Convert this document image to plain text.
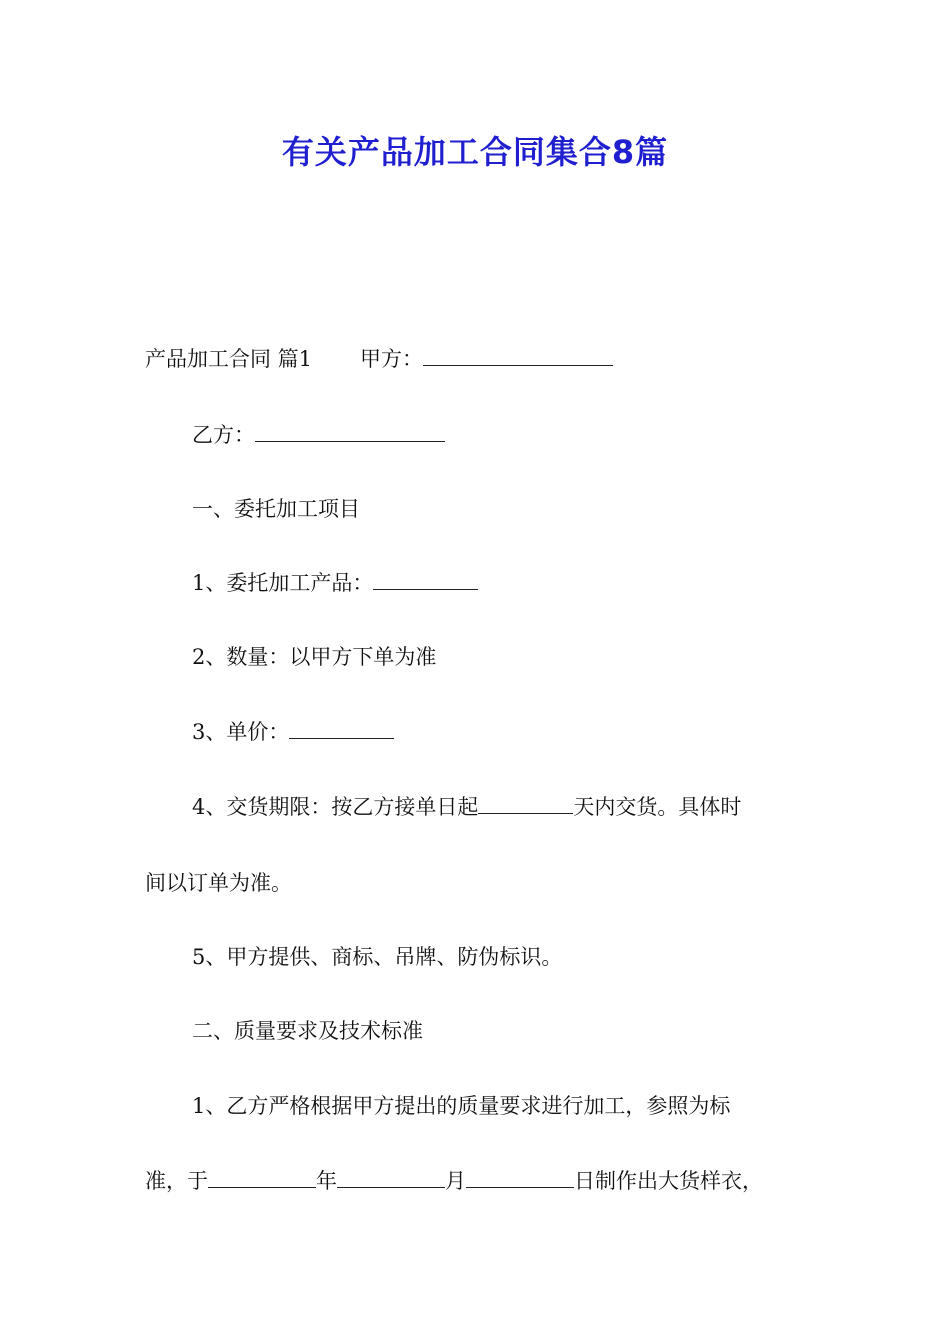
有关产品加工合同集合8篇
产品加工合同 篇1 甲方：
乙方：
一、委托加工项目
1、委托加工产品：
2、数量：以甲方下单为准
3、单价：
4、交货期限：按乙方接单日起	天内交货。具体时
间以订单为准。
5、甲方提供、商标、吊牌、防伪标识。
二、质量要求及技术标准
1、乙方严格根据甲方提出的质量要求进行加工，参照为标
准，于	年	月	日制作出大货样衣，
